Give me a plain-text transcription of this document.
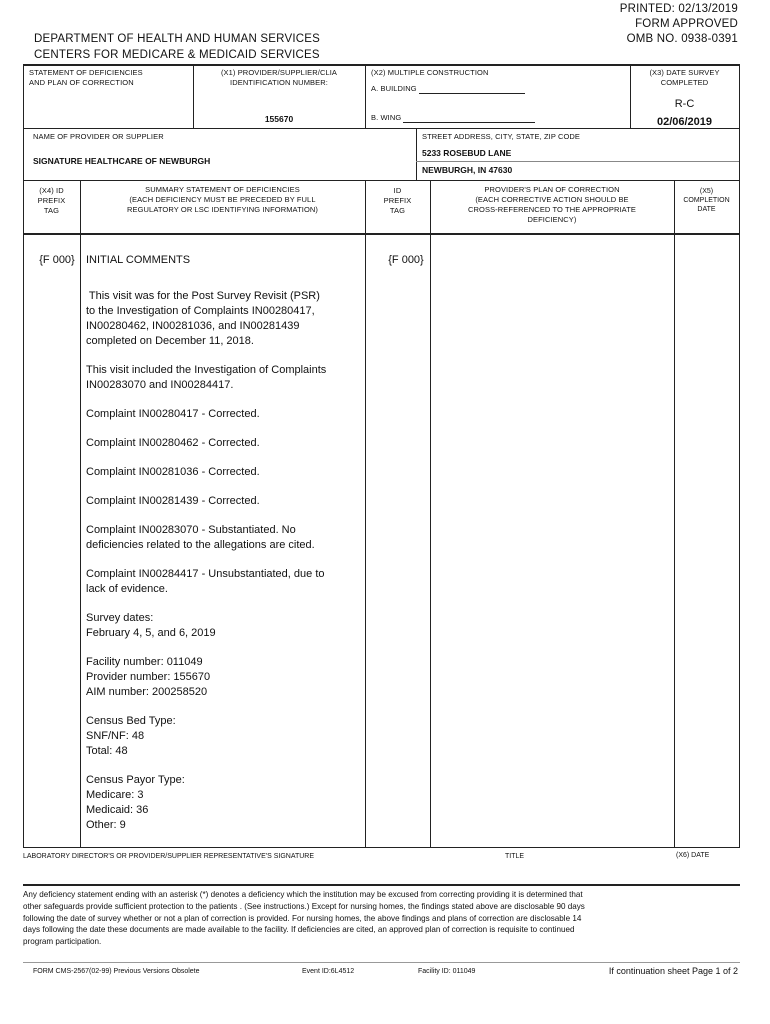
DEPARTMENT OF HEALTH AND HUMAN SERVICES
CENTERS FOR MEDICARE & MEDICAID SERVICES
PRINTED: 02/13/2019
FORM APPROVED
OMB NO. 0938-0391
STATEMENT OF DEFICIENCIES
AND PLAN OF CORRECTION
(X1) PROVIDER/SUPPLIER/CLIA
IDENTIFICATION NUMBER:
155670
(X2) MULTIPLE CONSTRUCTION
A. BUILDING
B. WING
(X3) DATE SURVEY
COMPLETED
R-C
02/06/2019
NAME OF PROVIDER OR SUPPLIER
SIGNATURE HEALTHCARE OF NEWBURGH
STREET ADDRESS, CITY, STATE, ZIP CODE
5233 ROSEBUD LANE
NEWBURGH, IN 47630
(X4) ID
PREFIX
TAG
SUMMARY STATEMENT OF DEFICIENCIES
(EACH DEFICIENCY MUST BE PRECEDED BY FULL
REGULATORY OR LSC IDENTIFYING INFORMATION)
ID
PREFIX
TAG
PROVIDER'S PLAN OF CORRECTION
(EACH CORRECTIVE ACTION SHOULD BE
CROSS-REFERENCED TO THE APPROPRIATE
DEFICIENCY)
(X5)
COMPLETION
DATE
{F 000}	INITIAL COMMENTS	{F 000}
This visit was for the Post Survey Revisit (PSR)
to the Investigation of Complaints IN00280417,
IN00280462, IN00281036, and IN00281439
completed on December 11, 2018.
This visit included the Investigation of Complaints
IN00283070 and IN00284417.
Complaint IN00280417 - Corrected.
Complaint IN00280462 - Corrected.
Complaint IN00281036 - Corrected.
Complaint IN00281439 - Corrected.
Complaint IN00283070 - Substantiated. No
deficiencies related to the allegations are cited.
Complaint IN00284417 - Unsubstantiated, due to
lack of evidence.
Survey dates:
February 4, 5, and 6, 2019
Facility number: 011049
Provider number: 155670
AIM number: 200258520
Census Bed Type:
SNF/NF: 48
Total: 48
Census Payor Type:
Medicare: 3
Medicaid: 36
Other: 9
LABORATORY DIRECTOR'S OR PROVIDER/SUPPLIER REPRESENTATIVE'S SIGNATURE	TITLE	(X6) DATE
Any deficiency statement ending with an asterisk (*) denotes a deficiency which the institution may be excused from correcting providing it is determined that
other safeguards provide sufficient protection to the patients . (See instructions.) Except for nursing homes, the findings stated above are disclosable 90 days
following the date of survey whether or not a plan of correction is provided. For nursing homes, the above findings and plans of correction are disclosable 14
days following the date these documents are made available to the facility. If deficiencies are cited, an approved plan of correction is requisite to continued
program participation.
FORM CMS-2567(02-99) Previous Versions Obsolete	Event ID:6L4512	Facility ID: 011049	If continuation sheet Page 1 of 2
